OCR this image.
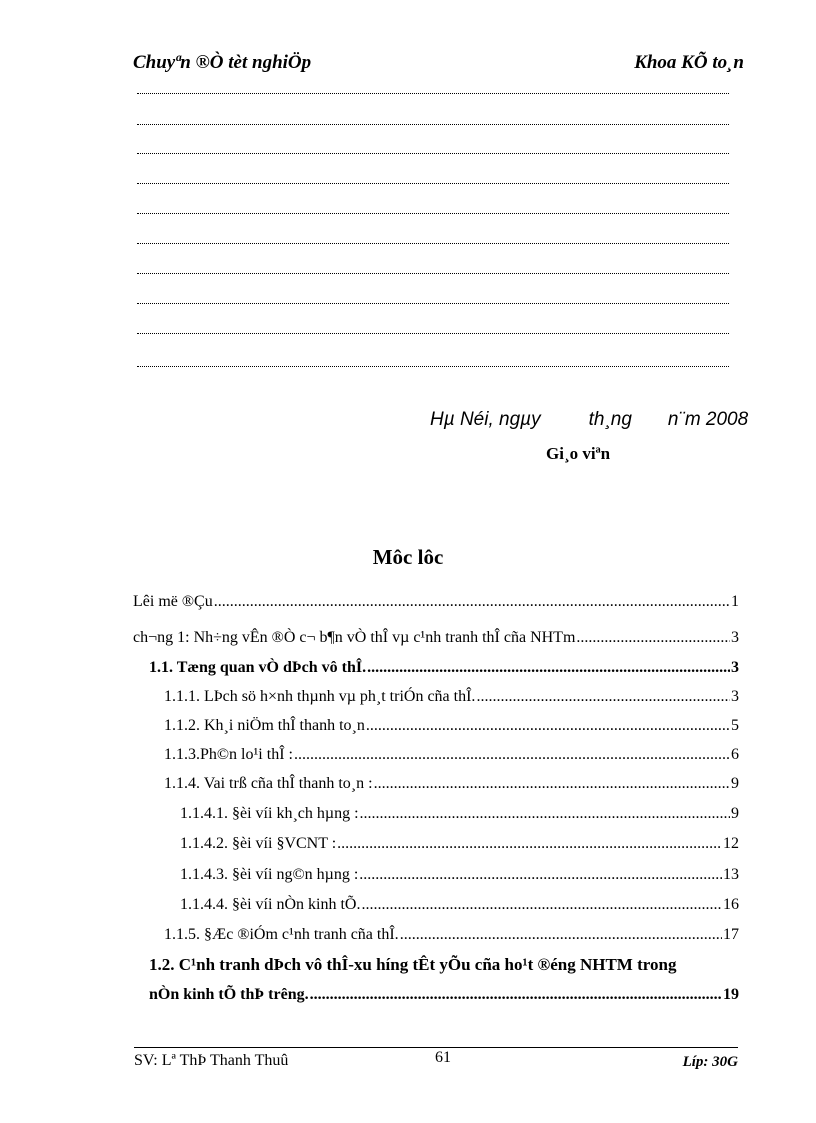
Chuyªn ®Ò tèt nghiÖp	Khoa KÕ to¸n
Hµ Néi, ngµy	th¸ng n¨m 2008
Gi¸o viªn
Môc lôc
Lêi më ®Çu .....	1
ch¬ng 1: Nh÷ng vÊn ®Ò c¬ b¶n vÒ thÎ vµ c¹nh tranh thÎ cña NHTm .....	3
1.1. Tæng quan vÒ dÞch vô thÎ. .....	3
1.1.1. LÞch sö h×nh thµnh vµ ph¸t triÓn cña thÎ. .....	3
1.1.2. Kh¸i niÖm thÎ thanh to¸n .....	5
1.1.3.Ph©n lo¹i thÎ : .....	6
1.1.4. Vai trß cña thÎ thanh to¸n : .....	9
1.1.4.1. §èi víi kh¸ch hµng : .....	9
1.1.4.2. §èi víi §VCNT : .....	12
1.1.4.3. §èi víi ng©n hµng : .....	13
1.1.4.4. §èi víi nÒn kinh tÕ. .....	16
1.1.5. §Æc ®iÓm c¹nh tranh cña thÎ. .....	17
1.2. C¹nh tranh dÞch vô thÎ-xu híng tÊt yÕu cña ho¹t ®éng NHTM trong
nÒn kinh tÕ thÞ trêng. .....	19
SV: Lª ThÞ Thanh Thuû	61	Líp: 30G
